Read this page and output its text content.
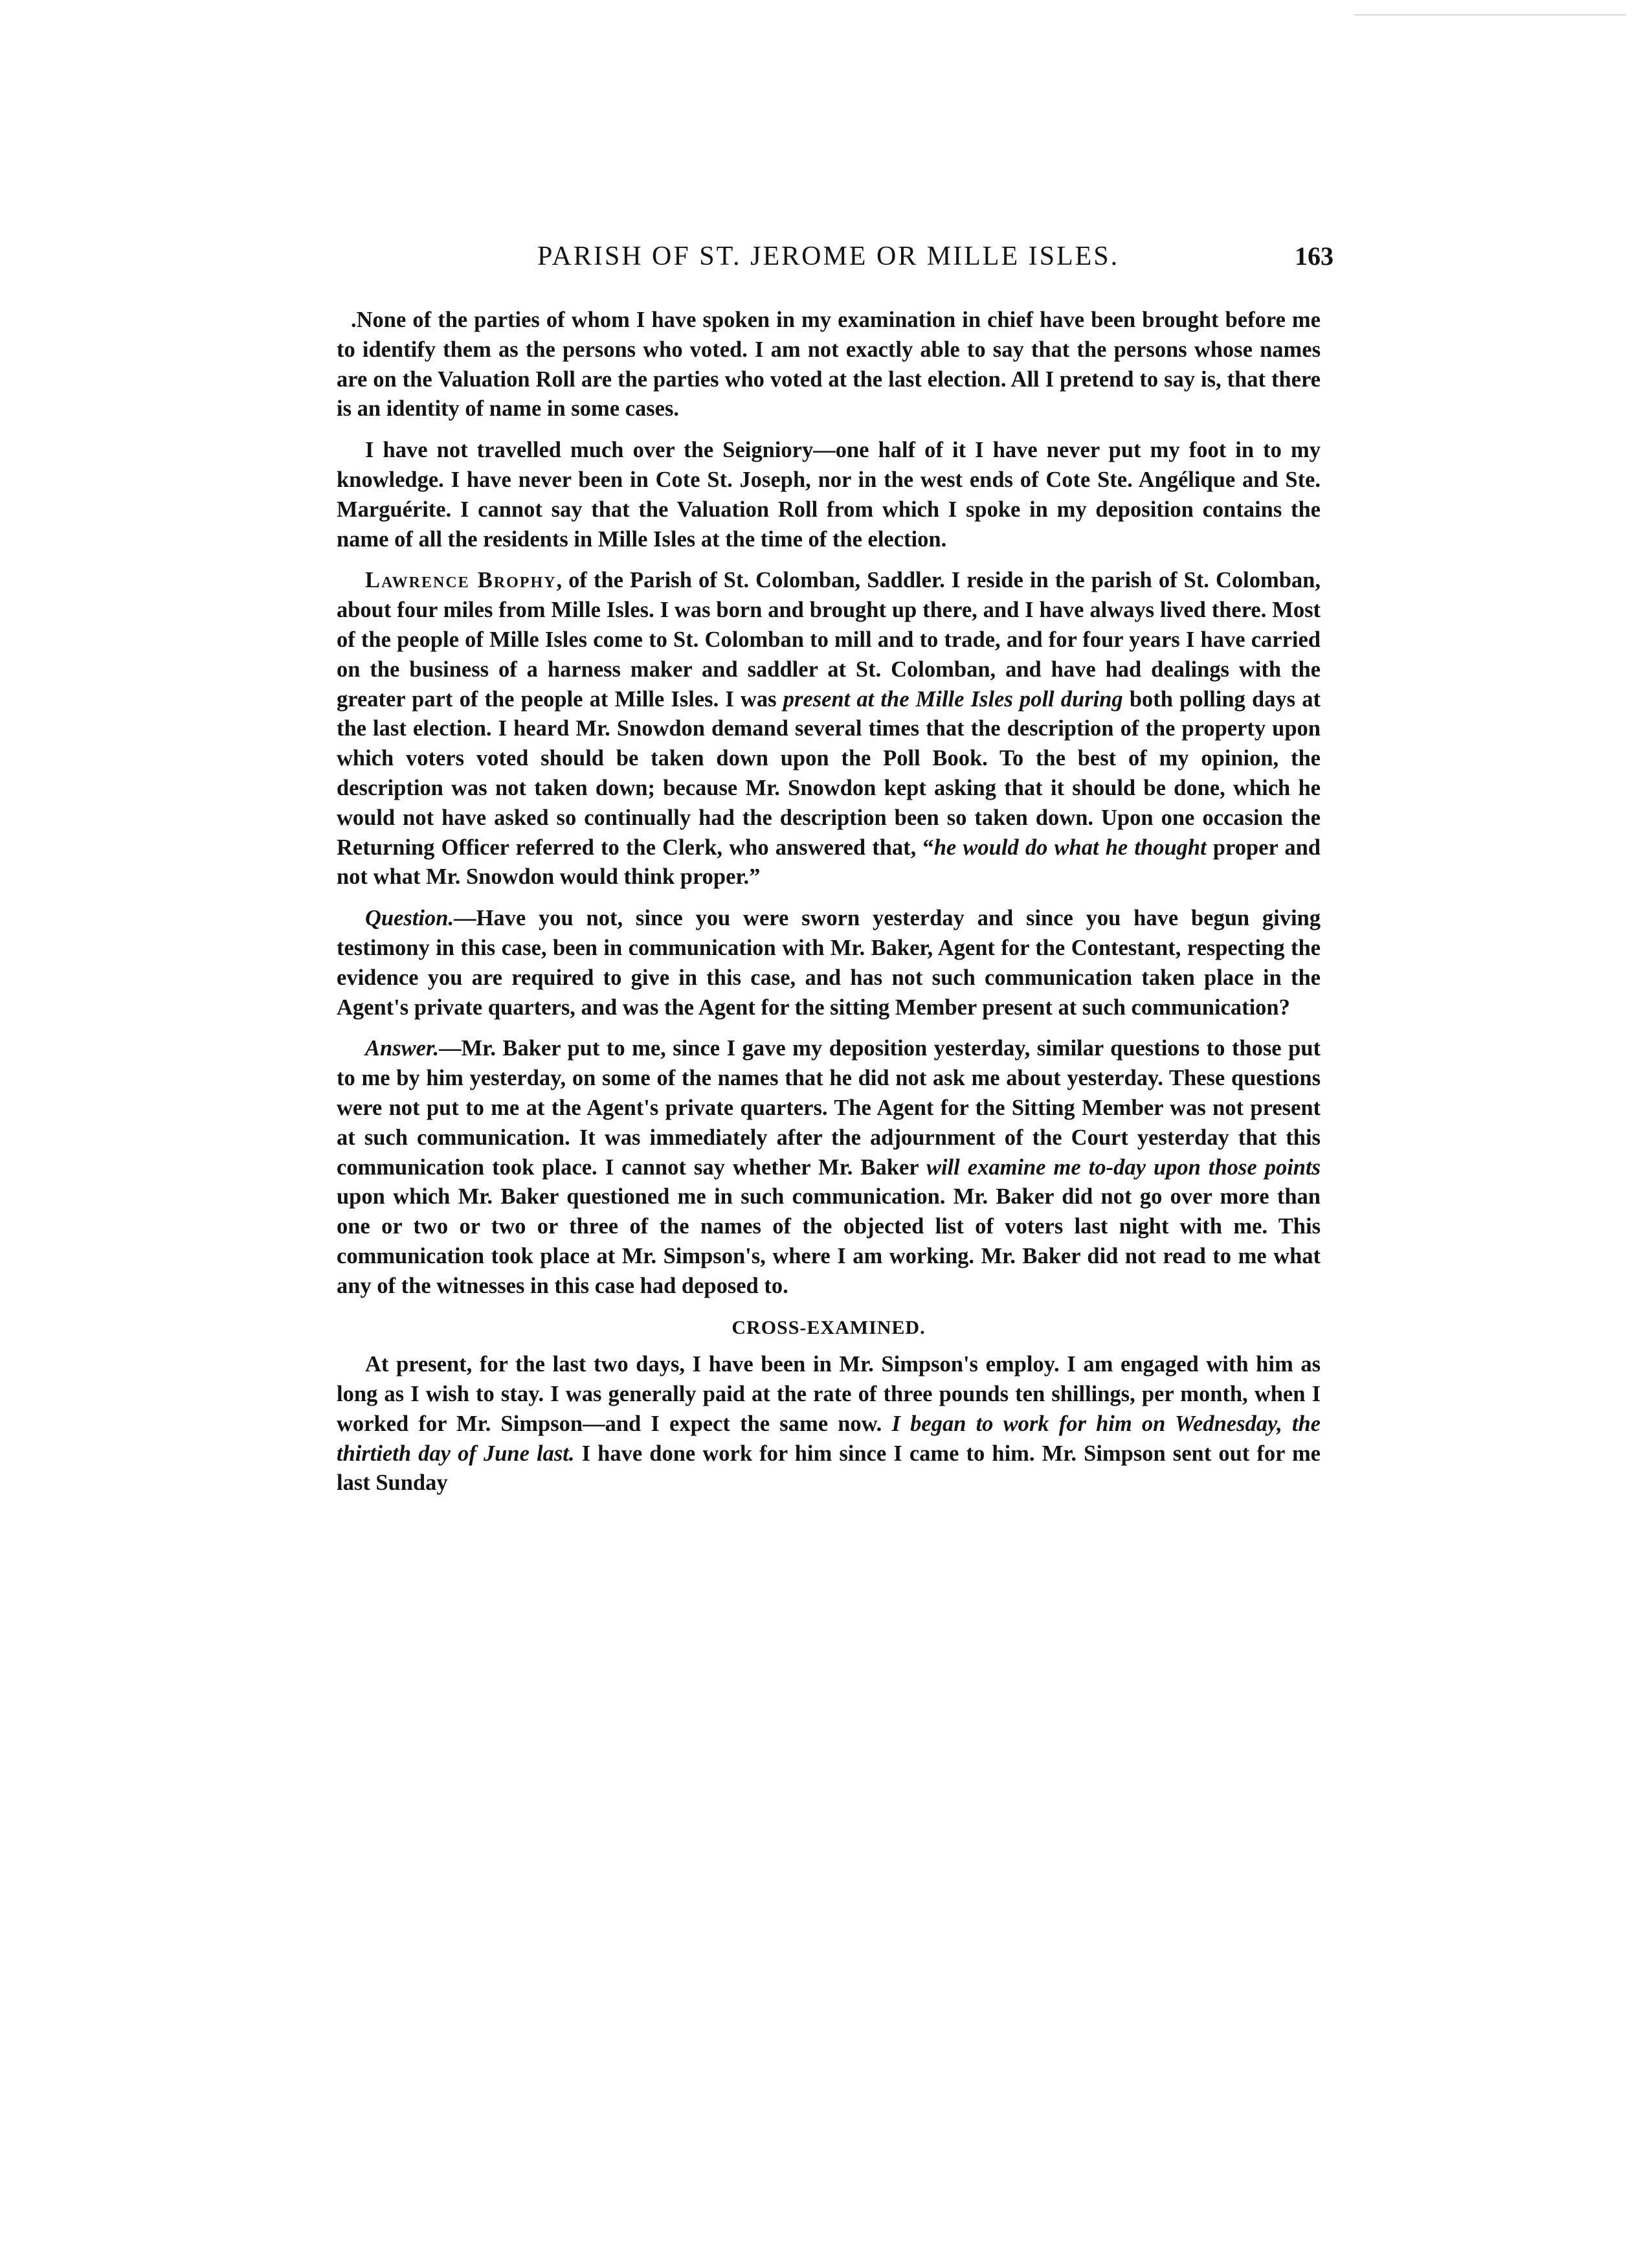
PARISH OF ST. JEROME OR MILLE ISLES.	163

.None of the parties of whom I have spoken in my examination in chief have been brought before me to identify them as the persons who voted. I am not exactly able to say that the persons whose names are on the Valuation Roll are the parties who voted at the last election. All I pretend to say is, that there is an identity of name in some cases.

I have not travelled much over the Seigniory—one half of it I have never put my foot in to my knowledge. I have never been in Cote St. Joseph, nor in the west ends of Cote Ste. Angélique and Ste. Marguérite. I cannot say that the Valuation Roll from which I spoke in my deposition contains the name of all the residents in Mille Isles at the time of the election.

Lawrence Brophy, of the Parish of St. Colomban, Saddler. I reside in the parish of St. Colomban, about four miles from Mille Isles. I was born and brought up there, and I have always lived there. Most of the people of Mille Isles come to St. Colomban to mill and to trade, and for four years I have carried on the business of a harness maker and saddler at St. Colomban, and have had dealings with the greater part of the people at Mille Isles. I was present at the Mille Isles poll during both polling days at the last election. I heard Mr. Snowdon demand several times that the description of the property upon which voters voted should be taken down upon the Poll Book. To the best of my opinion, the description was not taken down; because Mr. Snowdon kept asking that it should be done, which he would not have asked so continually had the description been so taken down. Upon one occasion the Returning Officer referred to the Clerk, who answered that, “he would do what he thought proper and not what Mr. Snowdon would think proper.”

Question.—Have you not, since you were sworn yesterday and since you have begun giving testimony in this case, been in communication with Mr. Baker, Agent for the Contestant, respecting the evidence you are required to give in this case, and has not such communication taken place in the Agent's private quarters, and was the Agent for the sitting Member present at such communication?

Answer.—Mr. Baker put to me, since I gave my deposition yesterday, similar questions to those put to me by him yesterday, on some of the names that he did not ask me about yesterday. These questions were not put to me at the Agent's private quarters. The Agent for the Sitting Member was not present at such communication. It was immediately after the adjournment of the Court yesterday that this communication took place. I cannot say whether Mr. Baker will examine me to-day upon those points upon which Mr. Baker questioned me in such communication. Mr. Baker did not go over more than one or two or two or three of the names of the objected list of voters last night with me. This communication took place at Mr. Simpson's, where I am working. Mr. Baker did not read to me what any of the witnesses in this case had deposed to.

CROSS-EXAMINED.

At present, for the last two days, I have been in Mr. Simpson's employ. I am engaged with him as long as I wish to stay. I was generally paid at the rate of three pounds ten shillings, per month, when I worked for Mr. Simpson—and I expect the same now. I began to work for him on Wednesday, the thirtieth day of June last. I have done work for him since I came to him. Mr. Simpson sent out for me last Sunday
